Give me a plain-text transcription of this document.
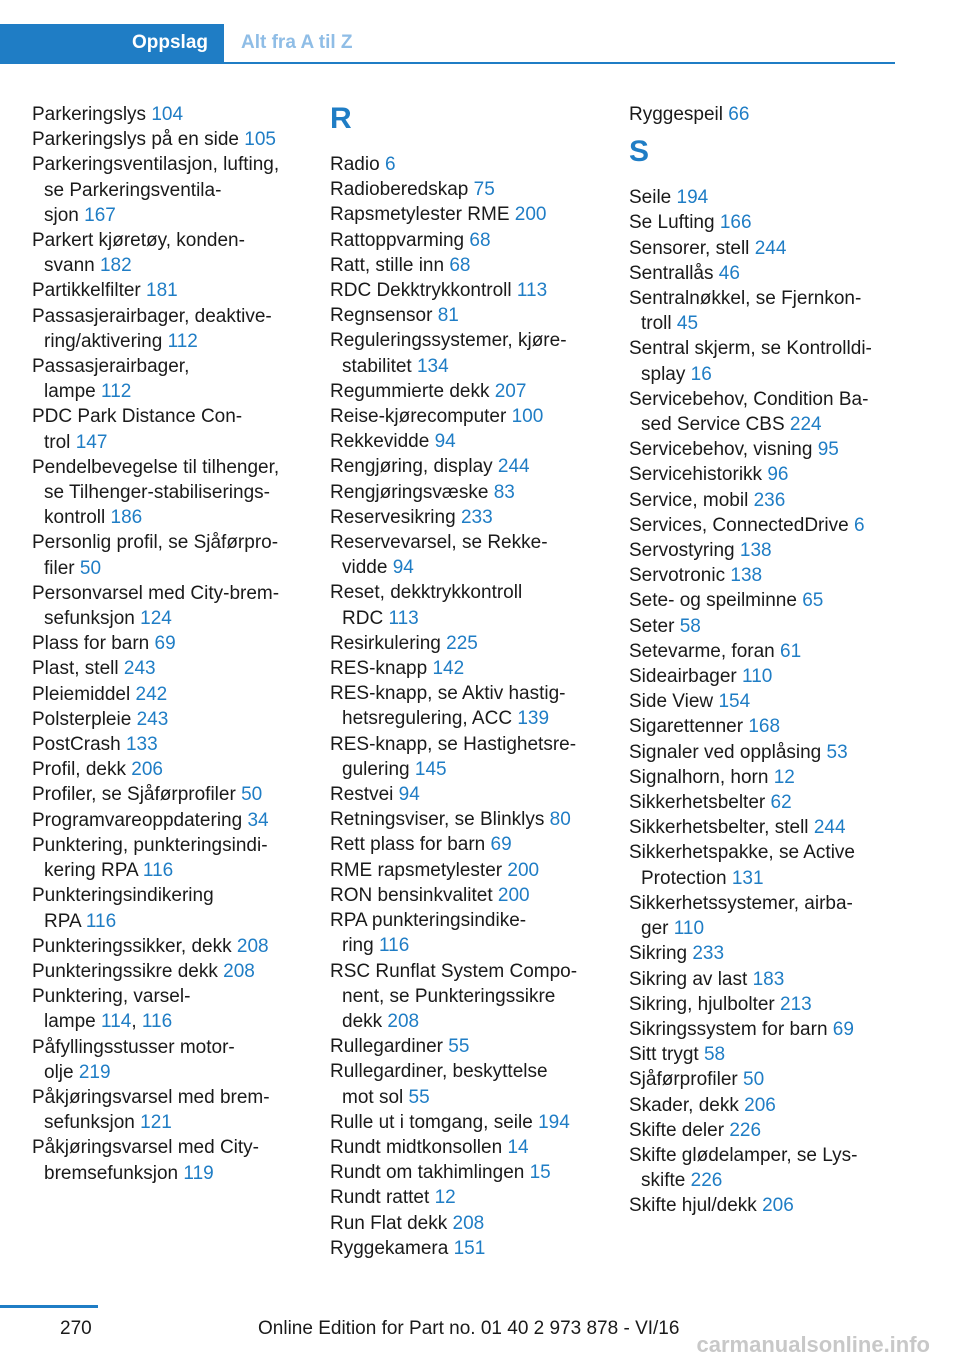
Oppslag	Alt fra A til Z
Parkeringslys 104
Parkeringslys på en side 105
Parkeringsventilasjon, lufting,
se Parkeringsventila-
sjon 167
Parkert kjøretøy, konden-
svann 182
Partikkelfilter 181
Passasjerairbager, deaktive-
ring/aktivering 112
Passasjerairbager,
lampe 112
PDC Park Distance Con-
trol 147
Pendelbevegelse til tilhenger,
se Tilhenger-stabiliserings-
kontroll 186
Personlig profil, se Sjåførpro-
filer 50
Personvarsel med City-brem-
sefunksjon 124
Plass for barn 69
Plast, stell 243
Pleiemiddel 242
Polsterpleie 243
PostCrash 133
Profil, dekk 206
Profiler, se Sjåførprofiler 50
Programvareoppdatering 34
Punktering, punkteringsindi-
kering RPA 116
Punkteringsindikering
RPA 116
Punkteringssikker, dekk 208
Punkteringssikre dekk 208
Punktering, varsel-
lampe 114, 116
Påfyllingsstusser motor-
olje 219
Påkjøringsvarsel med brem-
sefunksjon 121
Påkjøringsvarsel med City-
bremsefunksjon 119
R
Radio 6
Radioberedskap 75
Rapsmetylester RME 200
Rattoppvarming 68
Ratt, stille inn 68
RDC Dekktrykkontroll 113
Regnsensor 81
Reguleringssystemer, kjøre-
stabilitet 134
Regummierte dekk 207
Reise-kjørecomputer 100
Rekkevidde 94
Rengjøring, display 244
Rengjøringsvæske 83
Reservesikring 233
Reservevarsel, se Rekke-
vidde 94
Reset, dekktrykkontroll
RDC 113
Resirkulering 225
RES-knapp 142
RES-knapp, se Aktiv hastig-
hetsregulering, ACC 139
RES-knapp, se Hastighetsre-
gulering 145
Restvei 94
Retningsviser, se Blinklys 80
Rett plass for barn 69
RME rapsmetylester 200
RON bensinkvalitet 200
RPA punkteringsindike-
ring 116
RSC Runflat System Compo-
nent, se Punkteringssikre
dekk 208
Rullegardiner 55
Rullegardiner, beskyttelse
mot sol 55
Rulle ut i tomgang, seile 194
Rundt midtkonsollen 14
Rundt om takhimlingen 15
Rundt rattet 12
Run Flat dekk 208
Ryggekamera 151
Ryggespeil 66
S
Seile 194
Se Lufting 166
Sensorer, stell 244
Sentrallås 46
Sentralnøkkel, se Fjernkon-
troll 45
Sentral skjerm, se Kontrolldi-
splay 16
Servicebehov, Condition Ba-
sed Service CBS 224
Servicebehov, visning 95
Servicehistorikk 96
Service, mobil 236
Services, ConnectedDrive 6
Servostyring 138
Servotronic 138
Sete- og speilminne 65
Seter 58
Setevarme, foran 61
Sideairbager 110
Side View 154
Sigarettenner 168
Signaler ved opplåsing 53
Signalhorn, horn 12
Sikkerhetsbelter 62
Sikkerhetsbelter, stell 244
Sikkerhetspakke, se Active
Protection 131
Sikkerhetssystemer, airba-
ger 110
Sikring 233
Sikring av last 183
Sikring, hjulbolter 213
Sikringssystem for barn 69
Sitt trygt 58
Sjåførprofiler 50
Skader, dekk 206
Skifte deler 226
Skifte glødelamper, se Lys-
skifte 226
Skifte hjul/dekk 206
270	Online Edition for Part no. 01 40 2 973 878 - VI/16
carmanualsonline.info
